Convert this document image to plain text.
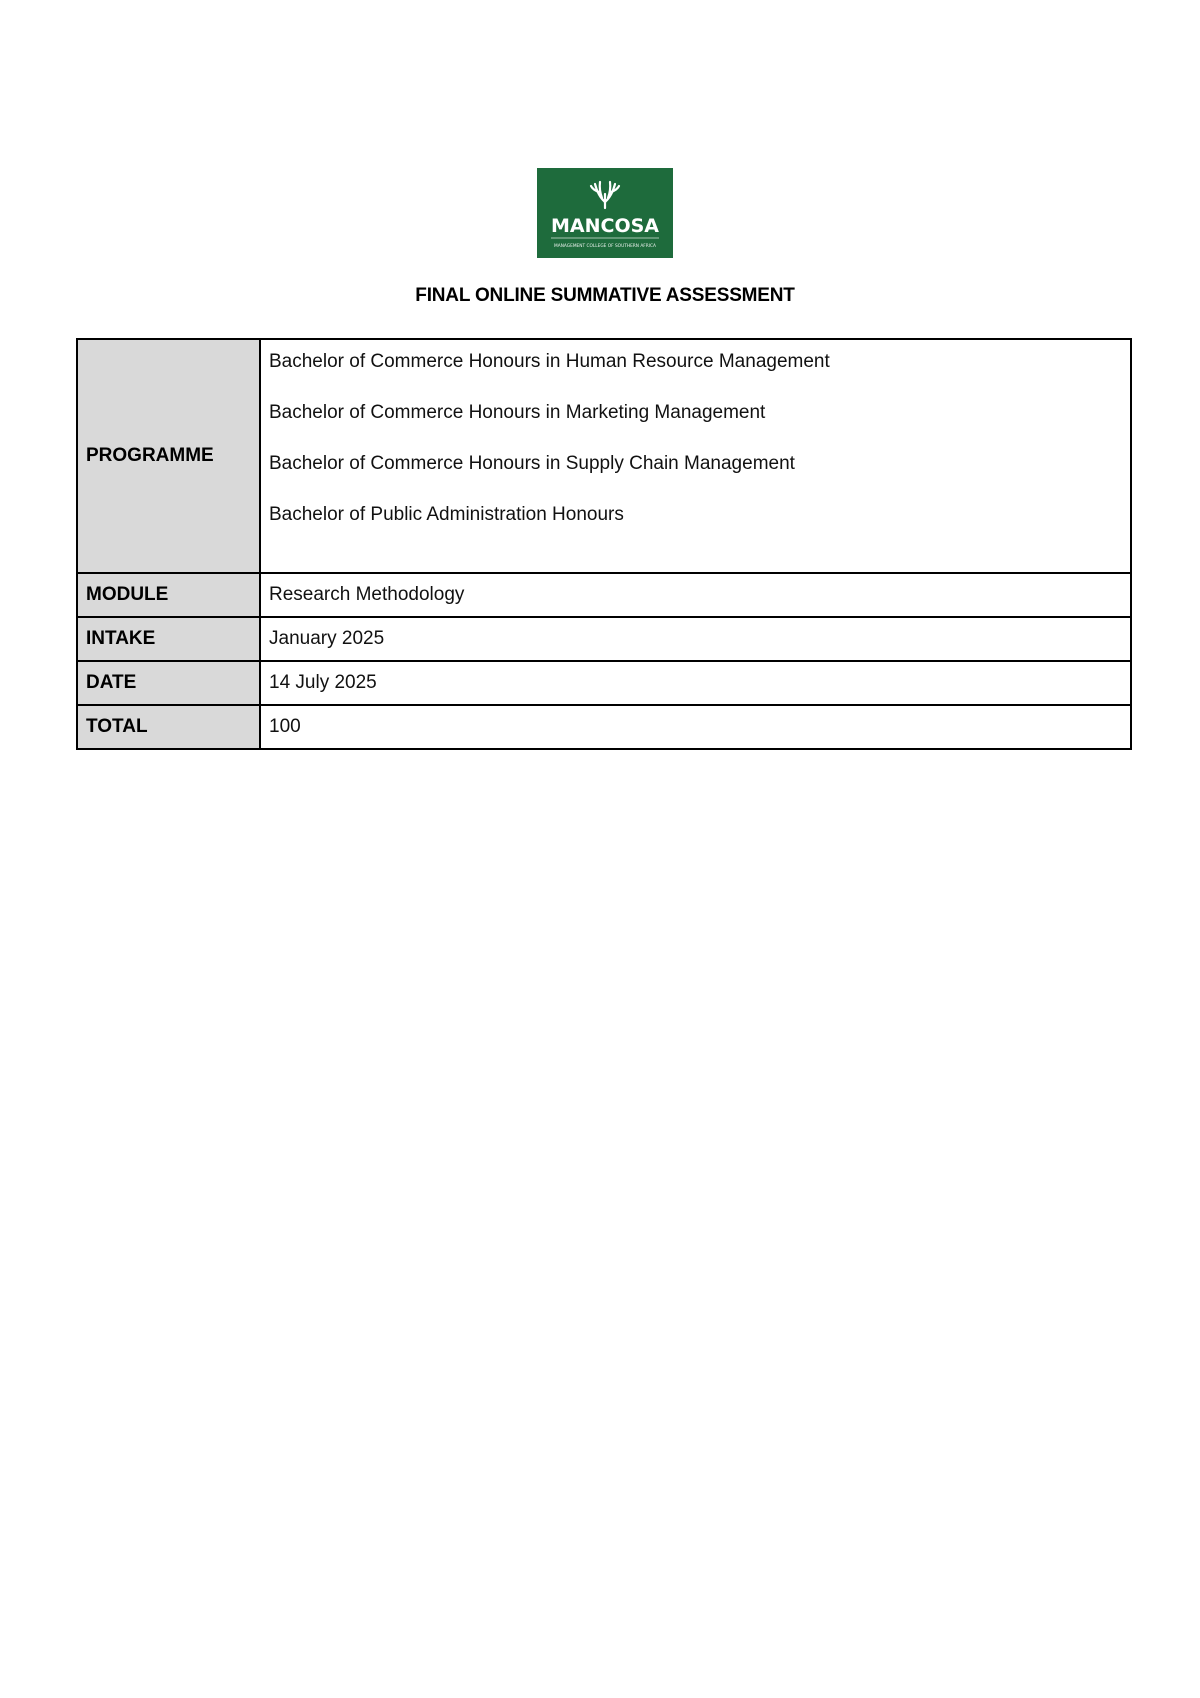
MANCOSA
MANAGEMENT COLLEGE OF SOUTHERN AFRICA
FINAL ONLINE SUMMATIVE ASSESSMENT
PROGRAMME	Bachelor of Commerce Honours in Human Resource Management
Bachelor of Commerce Honours in Marketing Management
Bachelor of Commerce Honours in Supply Chain Management
Bachelor of Public Administration Honours

MODULE	Research Methodology
INTAKE	January 2025
DATE	14 July 2025
TOTAL	100
